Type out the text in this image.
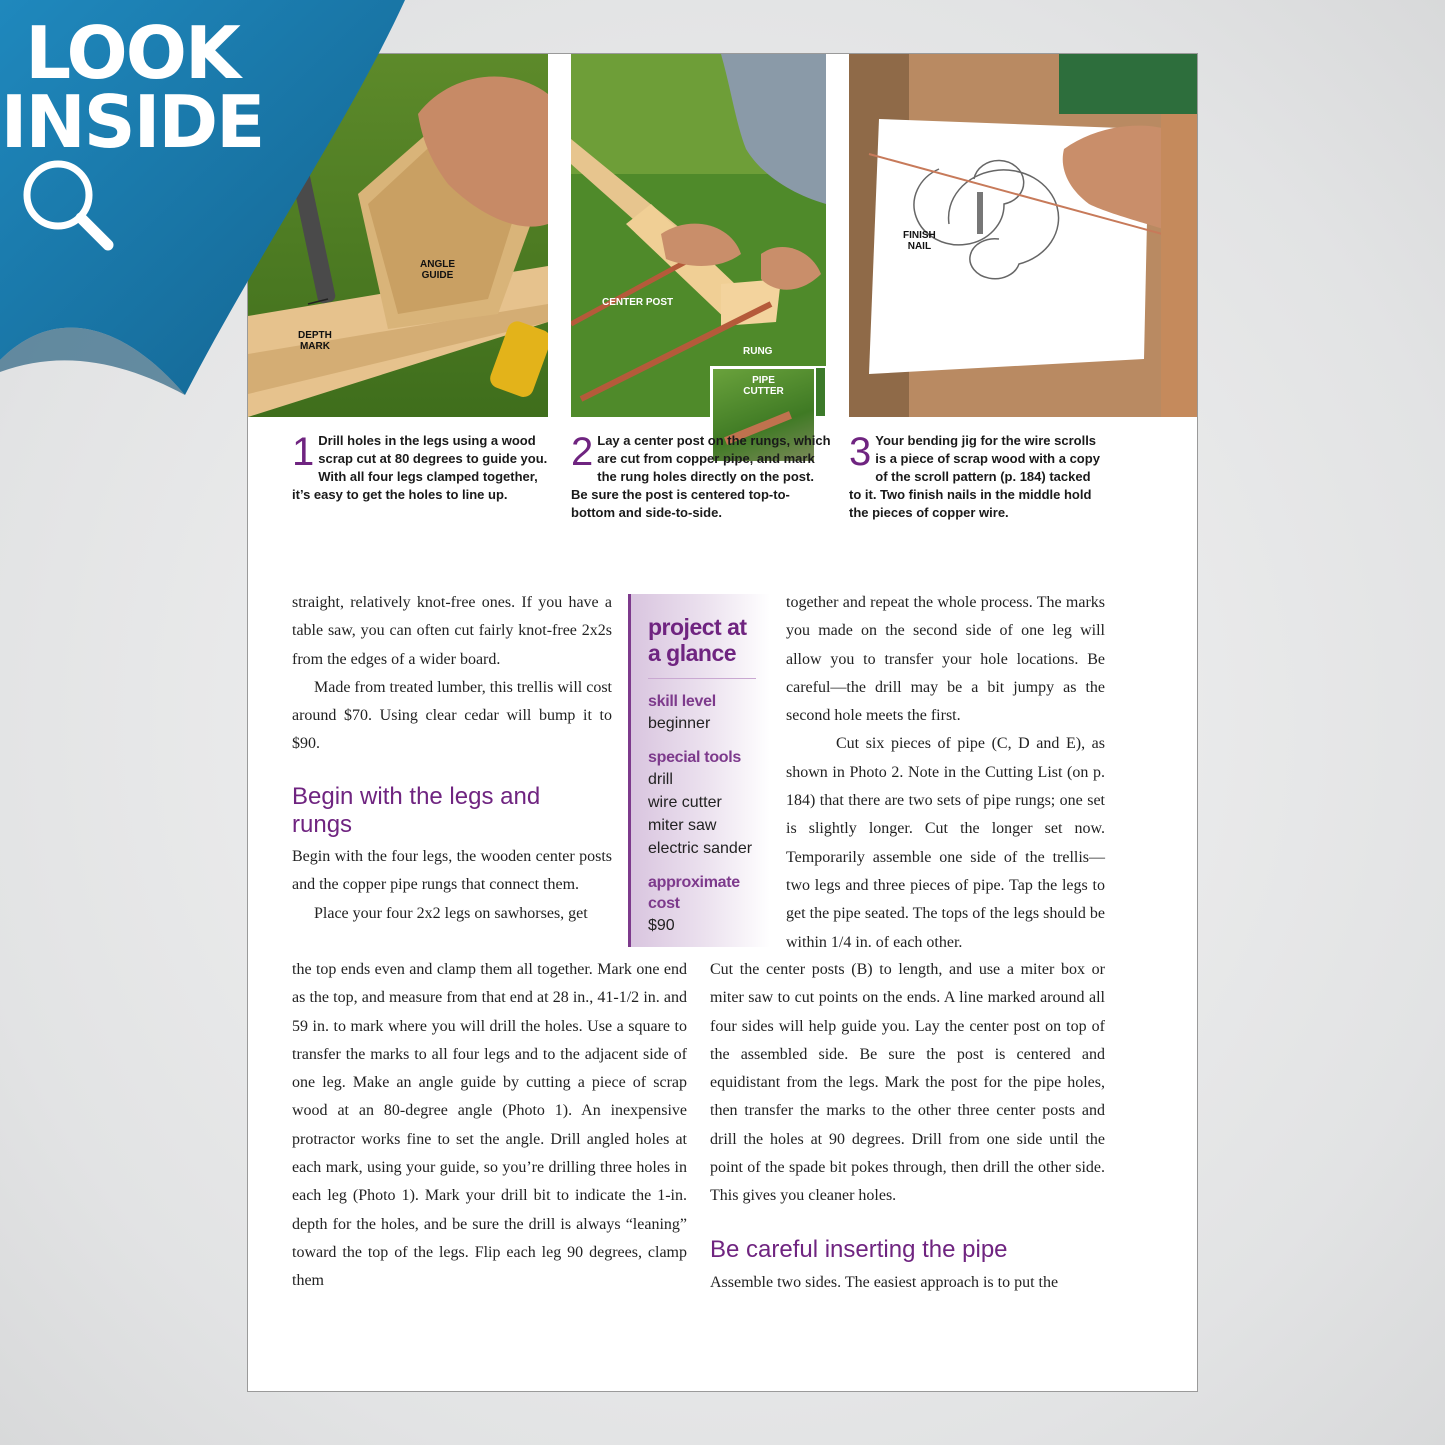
ANGLE
GUIDE
DEPTH
MARK
CENTER POST
RUNG
PIPE
CUTTER
FINISH
NAIL
1 Drill holes in the legs using a wood scrap cut at 80 degrees to guide you. With all four legs clamped together, it’s easy to get the holes to line up.
2 Lay a center post on the rungs, which are cut from copper pipe, and mark the rung holes directly on the post. Be sure the post is centered top-to-bottom and side-to-side.
3 Your bending jig for the wire scrolls is a piece of scrap wood with a copy of the scroll pattern (p. 184) tacked to it. Two finish nails in the middle hold the pieces of copper wire.

straight, relatively knot-free ones. If you have a table saw, you can often cut fairly knot-free 2x2s from the edges of a wider board.

Made from treated lumber, this trellis will cost around $70. Using clear cedar will bump it to $90.

Begin with the legs and rungs

Begin with the four legs, the wooden center posts and the copper pipe rungs that connect them.

Place your four 2x2 legs on sawhorses, get

the top ends even and clamp them all together. Mark one end as the top, and measure from that end at 28 in., 41-1/2 in. and 59 in. to mark where you will drill the holes. Use a square to transfer the marks to all four legs and to the adjacent side of one leg. Make an angle guide by cutting a piece of scrap wood at an 80-degree angle (Photo 1). An inexpensive protractor works fine to set the angle. Drill angled holes at each mark, using your guide, so you’re drilling three holes in each leg (Photo 1). Mark your drill bit to indicate the 1-in. depth for the holes, and be sure the drill is always “leaning” toward the top of the legs. Flip each leg 90 degrees, clamp them

project at a glance
skill level
beginner
special tools
drill
wire cutter
miter saw
electric sander
approximate cost
$90

together and repeat the whole process. The marks you made on the second side of one leg will allow you to transfer your hole locations. Be careful—the drill may be a bit jumpy as the second hole meets the first.

Cut six pieces of pipe (C, D and E), as shown in Photo 2. Note in the Cutting List (on p. 184) that there are two sets of pipe rungs; one set is slightly longer. Cut the longer set now. Temporarily assemble one side of the trellis—two legs and three pieces of pipe. Tap the legs to get the pipe seated. The tops of the legs should be within 1/4 in. of each other.

Cut the center posts (B) to length, and use a miter box or miter saw to cut points on the ends. A line marked around all four sides will help guide you. Lay the center post on top of the assembled side. Be sure the post is centered and equidistant from the legs. Mark the post for the pipe holes, then transfer the marks to the other three center posts and drill the holes at 90 degrees. Drill from one side until the point of the spade bit pokes through, then drill the other side. This gives you cleaner holes.

Be careful inserting the pipe

Assemble two sides. The easiest approach is to put the

LOOK
INSIDE
